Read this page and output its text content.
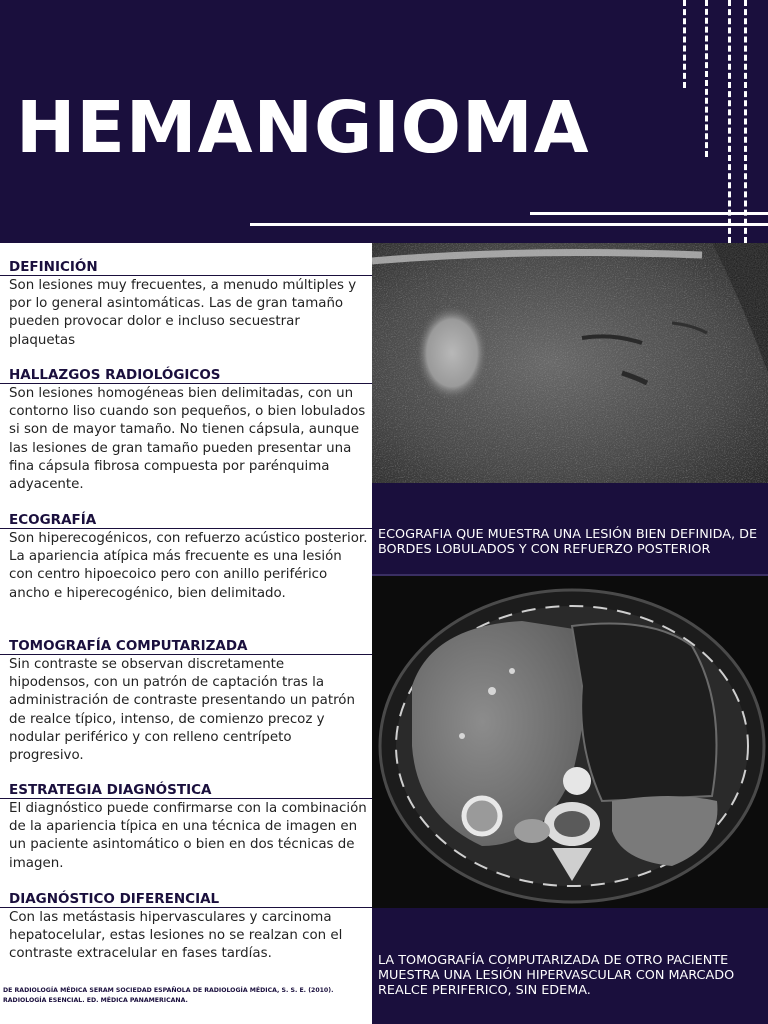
HEMANGIOMA
DEFINICIÓN
Son lesiones muy frecuentes, a menudo múltiples y por lo general asintomáticas. Las de gran tamaño pueden provocar dolor e incluso secuestrar plaquetas
HALLAZGOS RADIOLÓGICOS
Son lesiones homogéneas bien delimitadas, con un contorno liso cuando son pequeños, o bien lobulados si son de mayor tamaño. No tienen cápsula, aunque las lesiones de gran tamaño pueden presentar una fina cápsula fibrosa compuesta por parénquima adyacente.
ECOGRAFÍA
Son hiperecogénicos, con refuerzo acústico posterior. La apariencia atípica más frecuente es una lesión con centro hipoecoico pero con anillo periférico ancho e hiperecogénico, bien delimitado.
TOMOGRAFÍA COMPUTARIZADA
Sin contraste se observan discretamente hipodensos, con un patrón de captación tras la administración de contraste presentando un patrón de realce típico, intenso, de comienzo precoz y nodular periférico y con relleno centrípeto progresivo.
ESTRATEGIA DIAGNÓSTICA
El diagnóstico puede confirmarse con la combinación de la apariencia típica en una técnica de imagen en un paciente asintomático o bien en dos técnicas de imagen.
DIAGNÓSTICO DIFERENCIAL
Con las metástasis hipervasculares y carcinoma hepatocelular, estas lesiones no se realzan con el contraste extracelular en fases tardías.
DE RADIOLOGÍA MÉDICA SERAM SOCIEDAD ESPAÑOLA DE RADIOLOGÍA MÉDICA, S. S. E. (2010). RADIOLOGÍA ESENCIAL. ED. MÉDICA PANAMERICANA.
ECOGRAFIA QUE MUESTRA UNA LESIÓN BIEN DEFINIDA, DE BORDES LOBULADOS Y CON REFUERZO POSTERIOR
LA TOMOGRAFÍA COMPUTARIZADA DE OTRO PACIENTE MUESTRA UNA LESIÓN HIPERVASCULAR CON MARCADO REALCE PERIFERICO, SIN EDEMA.
